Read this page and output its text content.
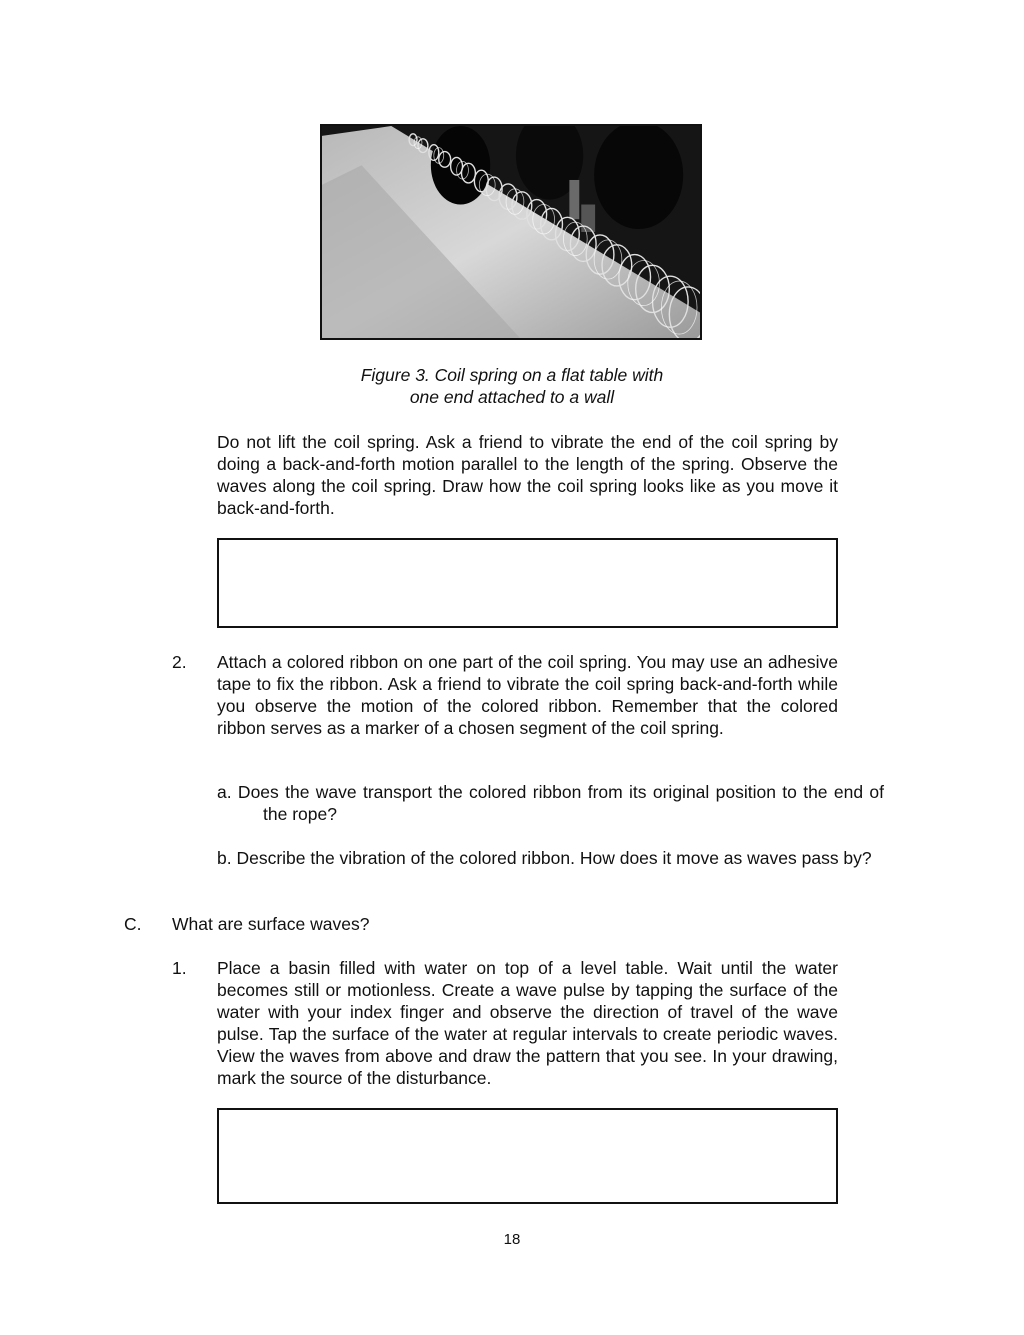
Figure 3. Coil spring on a flat table with
one end attached to a wall
Do not lift the coil spring. Ask a friend to vibrate the end of the coil spring by doing a back-and-forth motion parallel to the length of the spring. Observe the waves along the coil spring. Draw how the coil spring looks like as you move it back-and-forth.
2. Attach a colored ribbon on one part of the coil spring. You may use an adhesive tape to fix the ribbon. Ask a friend to vibrate the coil spring back-and-forth while you observe the motion of the colored ribbon. Remember that the colored ribbon serves as a marker of a chosen segment of the coil spring.
a. Does the wave transport the colored ribbon from its original position to the end of the rope?
b. Describe the vibration of the colored ribbon. How does it move as waves pass by?
C. What are surface waves?
1. Place a basin filled with water on top of a level table. Wait until the water becomes still or motionless. Create a wave pulse by tapping the surface of the water with your index finger and observe the direction of travel of the wave pulse. Tap the surface of the water at regular intervals to create periodic waves. View the waves from above and draw the pattern that you see. In your drawing, mark the source of the disturbance.
18
